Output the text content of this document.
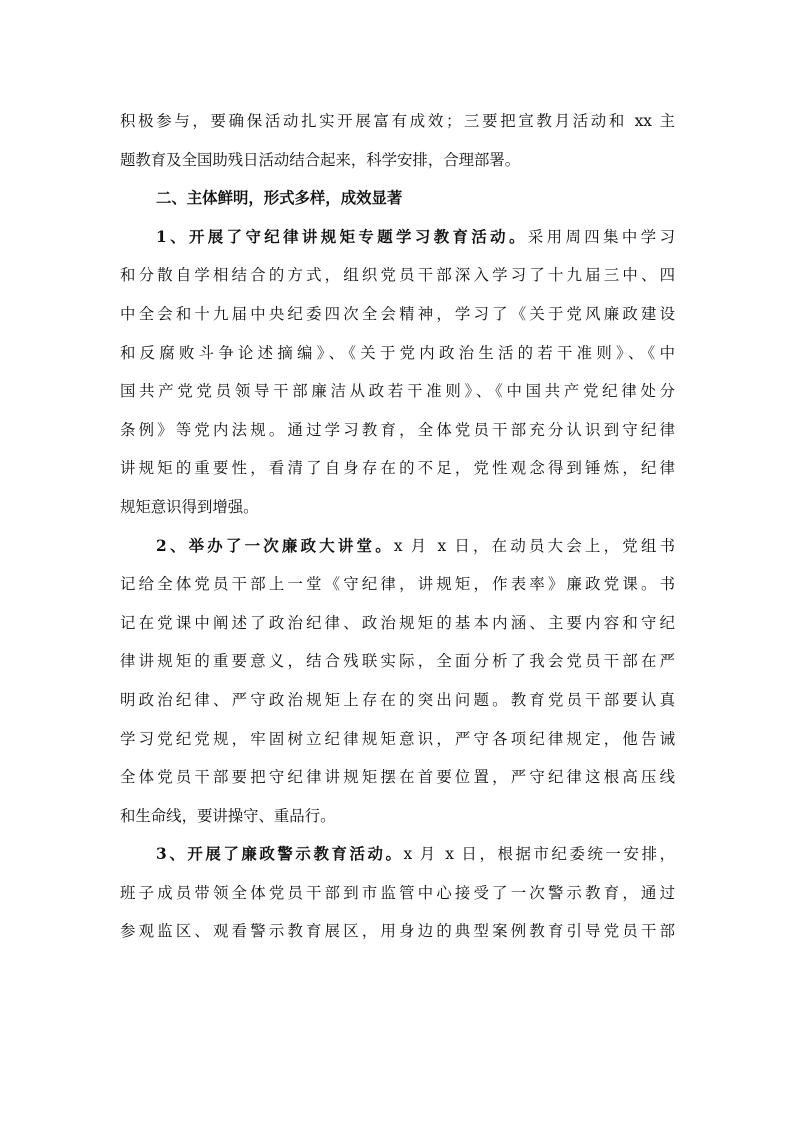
积极参与，要确保活动扎实开展富有成效；三要把宣教月活动和 xx 主
题教育及全国助残日活动结合起来，科学安排，合理部署。
二、主体鲜明，形式多样，成效显著
1、开展了守纪律讲规矩专题学习教育活动。采用周四集中学习
和分散自学相结合的方式，组织党员干部深入学习了十九届三中、四
中全会和十九届中央纪委四次全会精神，学习了《关于党风廉政建设
和反腐败斗争论述摘编》、《关于党内政治生活的若干准则》、《中
国共产党党员领导干部廉洁从政若干准则》、《中国共产党纪律处分
条例》等党内法规。通过学习教育，全体党员干部充分认识到守纪律
讲规矩的重要性，看清了自身存在的不足，党性观念得到锤炼，纪律
规矩意识得到增强。
2、举办了一次廉政大讲堂。x 月 x 日，在动员大会上，党组书
记给全体党员干部上一堂《守纪律，讲规矩，作表率》廉政党课。书
记在党课中阐述了政治纪律、政治规矩的基本内涵、主要内容和守纪
律讲规矩的重要意义，结合残联实际，全面分析了我会党员干部在严
明政治纪律、严守政治规矩上存在的突出问题。教育党员干部要认真
学习党纪党规，牢固树立纪律规矩意识，严守各项纪律规定，他告诫
全体党员干部要把守纪律讲规矩摆在首要位置，严守纪律这根高压线
和生命线，要讲操守、重品行。
3、开展了廉政警示教育活动。x 月 x 日，根据市纪委统一安排，
班子成员带领全体党员干部到市监管中心接受了一次警示教育，通过
参观监区、观看警示教育展区，用身边的典型案例教育引导党员干部
